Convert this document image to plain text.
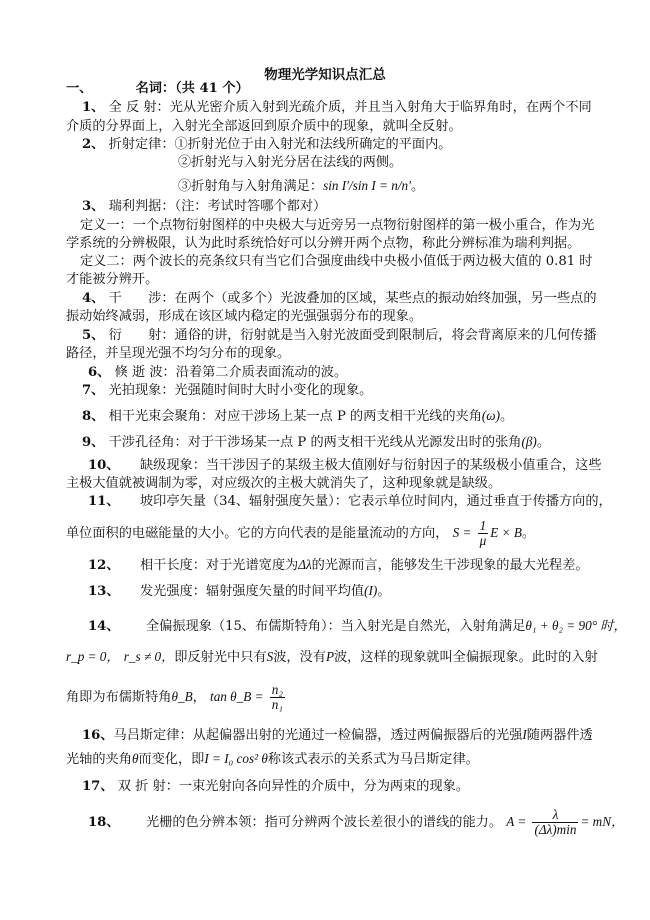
物理光学知识点汇总
一、	名词：（共 41 个）
1、 全 反 射：光从光密介质入射到光疏介质，并且当入射角大于临界角时，在两个不同
介质的分界面上，入射光全部返回到原介质中的现象，就叫全反射。
2、 折射定律：①折射光位于由入射光和法线所确定的平面内。
②折射光与入射光分居在法线的两侧。
③折射角与入射角满足：sin I′/sin I = n/n′。
3、 瑞利判据：（注：考试时答哪个都对）
定义一：一个点物衍射图样的中央极大与近旁另一点物衍射图样的第一极小重合，作为光
学系统的分辨极限，认为此时系统恰好可以分辨开两个点物，称此分辨标准为瑞利判据。
定义二：两个波长的亮条纹只有当它们合强度曲线中央极小值低于两边极大值的 0.81 时
才能被分辨开。
4、 干　　涉：在两个（或多个）光波叠加的区域，某些点的振动始终加强，另一些点的
振动始终减弱，形成在该区域内稳定的光强强弱分布的现象。
5、 衍　　射：通俗的讲，衍射就是当入射光波面受到限制后，将会背离原来的几何传播
路径，并呈现光强不均匀分布的现象。
6、 倏 逝 波：沿着第二介质表面流动的波。
7、 光拍现象：光强随时间时大时小变化的现象。
8、 相干光束会聚角：对应干涉场上某一点 P 的两支相干光线的夹角(ω)。
9、 干涉孔径角：对于干涉场某一点 P 的两支相干光线从光源发出时的张角(β)。
10、 缺级现象：当干涉因子的某级主极大值刚好与衍射因子的某级极小值重合，这些
主极大值就被调制为零，对应级次的主极大就消失了，这种现象就是缺级。
11、 坡印亭矢量（34、辐射强度矢量）：它表示单位时间内，通过垂直于传播方向的，
单位面积的电磁能量的大小。它的方向代表的是能量流动的方向， $S = \frac{1}{\mu}$ E × B。
12、 相干长度：对于光谱宽度为Δλ的光源而言，能够发生干涉现象的最大光程差。
13、 发光强度：辐射强度矢量的时间平均值(I)。
14、 全偏振现象（15、布儒斯特角）：当入射光是自然光，入射角满足θ₁ + θ₂ = 90° 时，
r_p = 0， r_s ≠ 0，即反射光中只有S波，没有P波，这样的现象就叫全偏振现象。此时的入射
角即为布儒斯特角θ_B， tan θ_B = $\frac{\text{n₂}}{\text{n₁}}$
16、马吕斯定律：从起偏器出射的光通过一检偏器，透过两偏振器后的光强I随两器件透
光轴的夹角θ而变化，即I = I₀ cos² θ称该式表示的关系式为马吕斯定律。
17、 双 折 射：一束光射向各向异性的介质中，分为两束的现象。
18、 光栅的色分辨本领：指可分辨两个波长差很小的谱线的能力。 $A = \frac{\lambda}{(\Delta\lambda)\min}$ = mN，
